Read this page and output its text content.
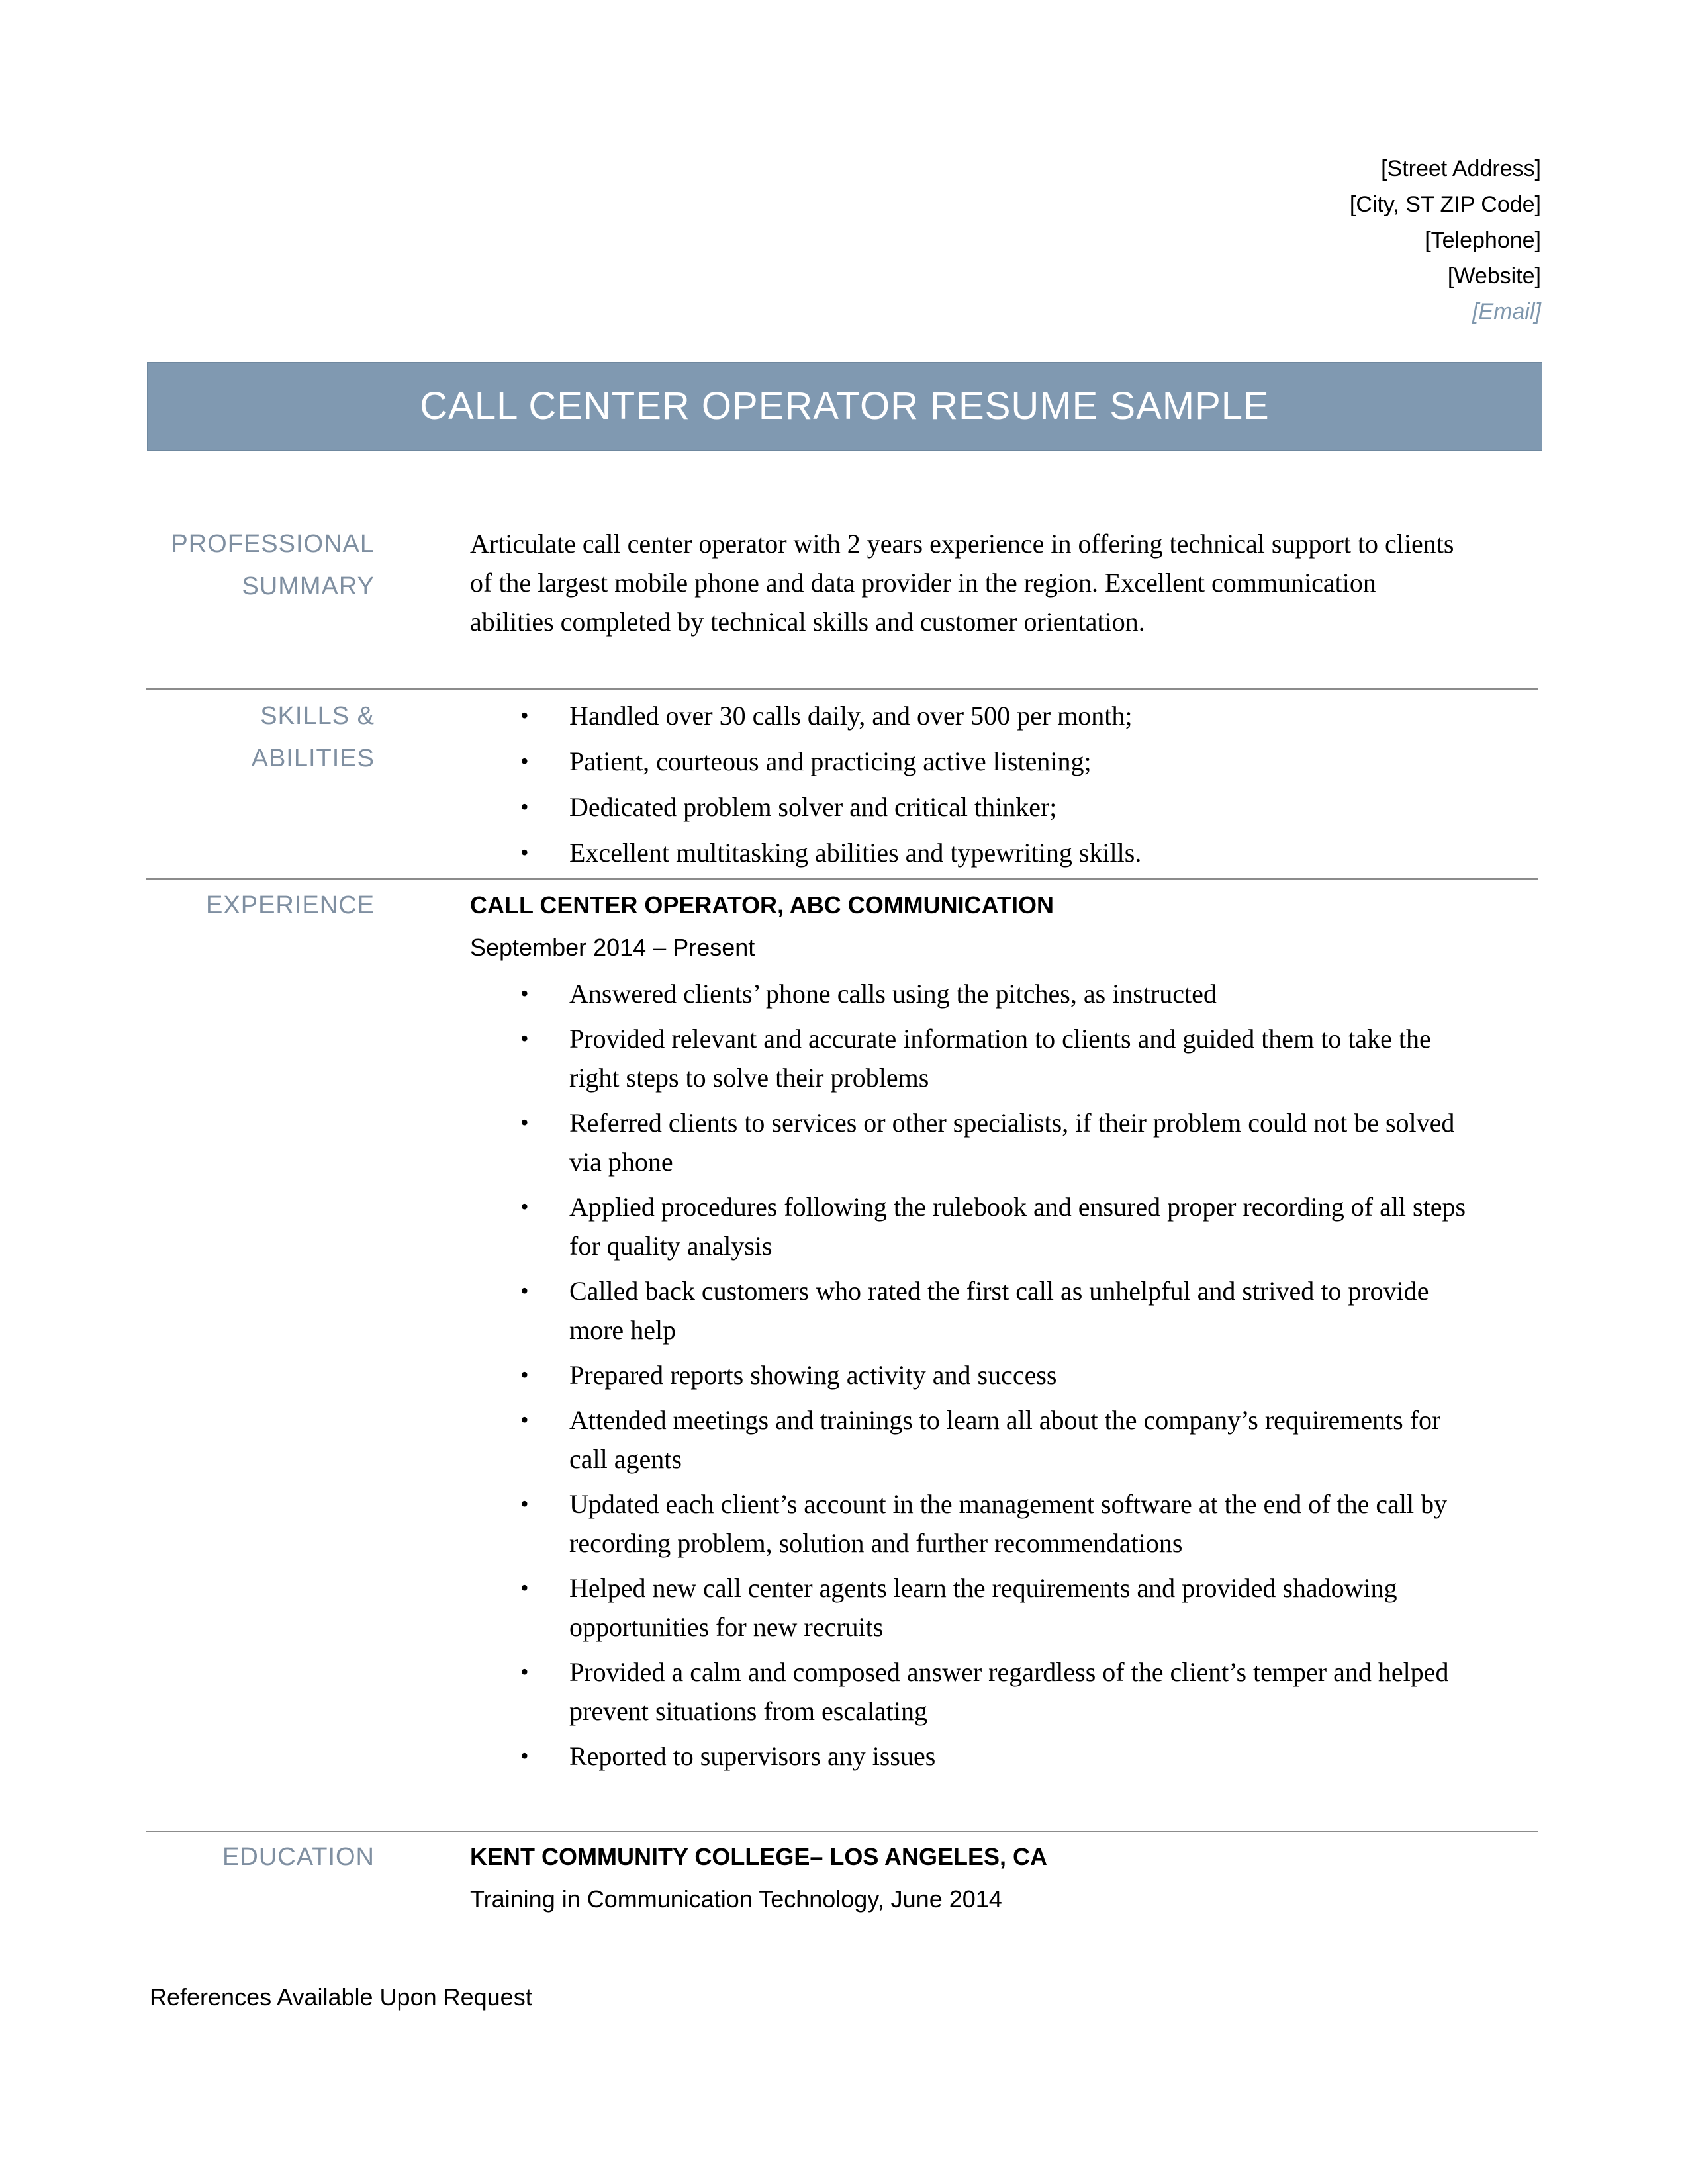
[Street Address]
[City, ST ZIP Code]
[Telephone]
[Website]
[Email]
CALL CENTER OPERATOR RESUME SAMPLE
PROFESSIONAL
SUMMARY

Articulate call center operator with 2 years experience in offering technical support to clients of the largest mobile phone and data provider in the region. Excellent communication abilities completed by technical skills and customer orientation.

SKILLS & ABILITIES
• Handled over 30 calls daily, and over 500 per month;
• Patient, courteous and practicing active listening;
• Dedicated problem solver and critical thinker;
• Excellent multitasking abilities and typewriting skills.
EXPERIENCE	CALL CENTER OPERATOR, ABC COMMUNICATION
September 2014 – Present
• Answered clients’ phone calls using the pitches, as instructed
• Provided relevant and accurate information to clients and guided them to take the right steps to solve their problems
• Referred clients to services or other specialists, if their problem could not be solved via phone
• Applied procedures following the rulebook and ensured proper recording of all steps for quality analysis
• Called back customers who rated the first call as unhelpful and strived to provide more help
• Prepared reports showing activity and success
• Attended meetings and trainings to learn all about the company’s requirements for call agents
• Updated each client’s account in the management software at the end of the call by recording problem, solution and further recommendations
• Helped new call center agents learn the requirements and provided shadowing opportunities for new recruits
• Provided a calm and composed answer regardless of the client’s temper and helped prevent situations from escalating
• Reported to supervisors any issues
EDUCATION	KENT COMMUNITY COLLEGE– LOS ANGELES, CA
Training in Communication Technology, June 2014
References Available Upon Request
